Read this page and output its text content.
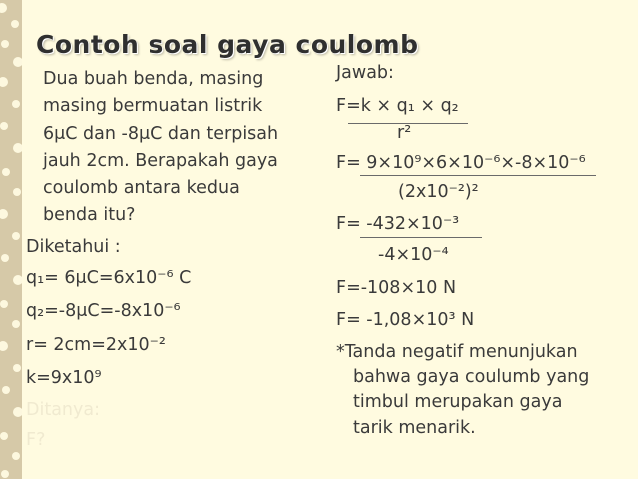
Contoh soal gaya coulomb
Dua buah benda, masing
masing bermuatan listrik
6μC dan -8μC dan terpisah
jauh 2cm. Berapakah gaya
coulomb antara kedua
benda itu?
Diketahui :
q₁= 6μC=6x10⁻⁶ C
q₂=-8μC=-8x10⁻⁶
r= 2cm=2x10⁻²
k=9x10⁹
Ditanya:
F?
Jawab:
F=k × q₁ × q₂
r²
F= 9×10⁹×6×10⁻⁶×-8×10⁻⁶
(2x10⁻²)²
F= -432×10⁻³
-4×10⁻⁴
F=-108×10 N
F= -1,08×10³ N
*Tanda negatif menunjukan
bahwa gaya coulumb yang
timbul merupakan gaya
tarik menarik.
